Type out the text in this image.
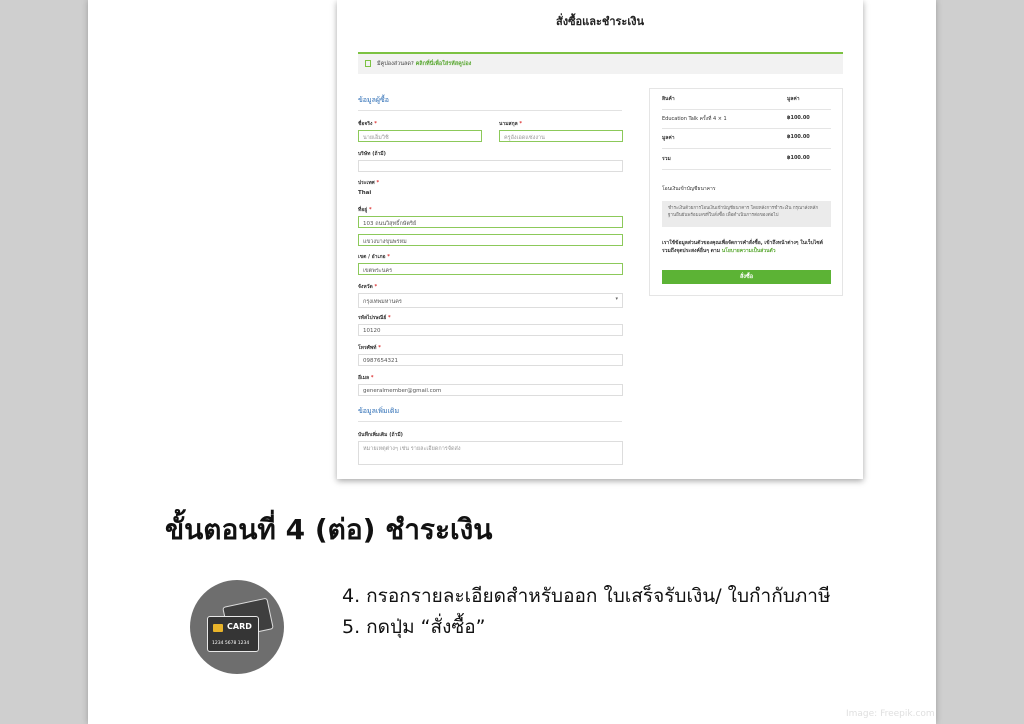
สั่งซื้อและชำระเงิน
มีคูปองส่วนลด? คลิกที่นี่เพื่อใส่รหัสคูปอง
ข้อมูลผู้ซื้อ
ชื่อจริง *
นายเอ็มวิชิ
นามสกุล *
ครูอังเอดแซ่งงาน
บริษัท (ถ้ามี)
ประเทศ *
Thai
ที่อยู่ *
103 ถนนวิสุทธิ์กษัตริย์
แขวงบางขุนพรหม
เขต / อำเภอ *
เขตพระนคร
จังหวัด *
กรุงเทพมหานคร	▾
รหัสไปรษณีย์ *
10120
โทรศัพท์ *
0987654321
อีเมล *
generalmember@gmail.com
ข้อมูลเพิ่มเติม
บันทึกเพิ่มเติม (ถ้ามี)
หมายเหตุต่างๆ เช่น รายละเอียดการจัดส่ง
สินค้า	มูลค่า
Education Talk ครั้งที่ 4 × 1	฿100.00
มูลค่า	฿100.00
รวม	฿100.00
โอนเงินเข้าบัญชีธนาคาร
ชำระเงินด้วยการโอนเงินเข้าบัญชีธนาคาร โดยหลังการชำระเงิน กรุณาส่งหลักฐานยืนยันพร้อมเลขที่ใบสั่งซื้อ เพื่อดำเนินการต่อของต่อไป
เราใช้ข้อมูลส่วนตัวของคุณเพื่อจัดการคำสั่งซื้อ, เข้าถึงหน้าต่างๆ ในเว็บไซต์ รวมถึงจุดประสงค์อื่นๆ ตาม นโยบายความเป็นส่วนตัว
สั่งซื้อ
ขั้นตอนที่ 4 (ต่อ) ชำระเงิน
CARD
1234 5678 1234
4. กรอกรายละเอียดสำหรับออก ใบเสร็จรับเงิน/ ใบกำกับภาษี
5. กดปุ่ม “สั่งซื้อ”
Image: Freepik.com
